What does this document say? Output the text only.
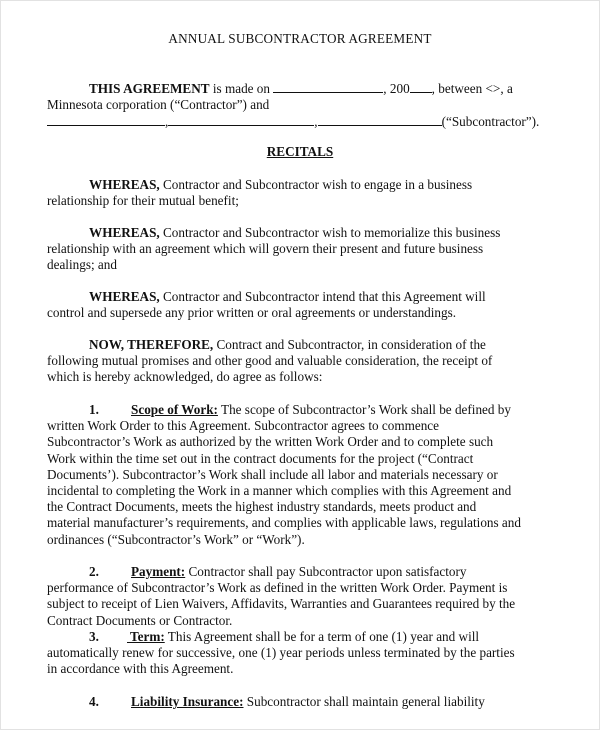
ANNUAL SUBCONTRACTOR AGREEMENT
THIS AGREEMENT is made on	, 200 , between <>, a
Minnesota corporation (“Contractor”) and
,	,	(“Subcontractor”).
RECITALS
WHEREAS, Contractor and Subcontractor wish to engage in a business
relationship for their mutual benefit;
WHEREAS, Contractor and Subcontractor wish to memorialize this business
relationship with an agreement which will govern their present and future business
dealings; and
WHEREAS, Contractor and Subcontractor intend that this Agreement will
control and supersede any prior written or oral agreements or understandings.
NOW, THEREFORE, Contract and Subcontractor, in consideration of the
following mutual promises and other good and valuable consideration, the receipt of
which is hereby acknowledged, do agree as follows:
1. Scope of Work: The scope of Subcontractor’s Work shall be defined by
written Work Order to this Agreement. Subcontractor agrees to commence
Subcontractor’s Work as authorized by the written Work Order and to complete such
Work within the time set out in the contract documents for the project (“Contract
Documents’). Subcontractor’s Work shall include all labor and materials necessary or
incidental to completing the Work in a manner which complies with this Agreement and
the Contract Documents, meets the highest industry standards, meets product and
material manufacturer’s requirements, and complies with applicable laws, regulations and
ordinances (“Subcontractor’s Work” or “Work”).
2. Payment: Contractor shall pay Subcontractor upon satisfactory
performance of Subcontractor’s Work as defined in the written Work Order. Payment is
subject to receipt of Lien Waivers, Affidavits, Warranties and Guarantees required by the
Contract Documents or Contractor.
3. Term: This Agreement shall be for a term of one (1) year and will
automatically renew for successive, one (1) year periods unless terminated by the parties
in accordance with this Agreement.
4. Liability Insurance: Subcontractor shall maintain general liability
